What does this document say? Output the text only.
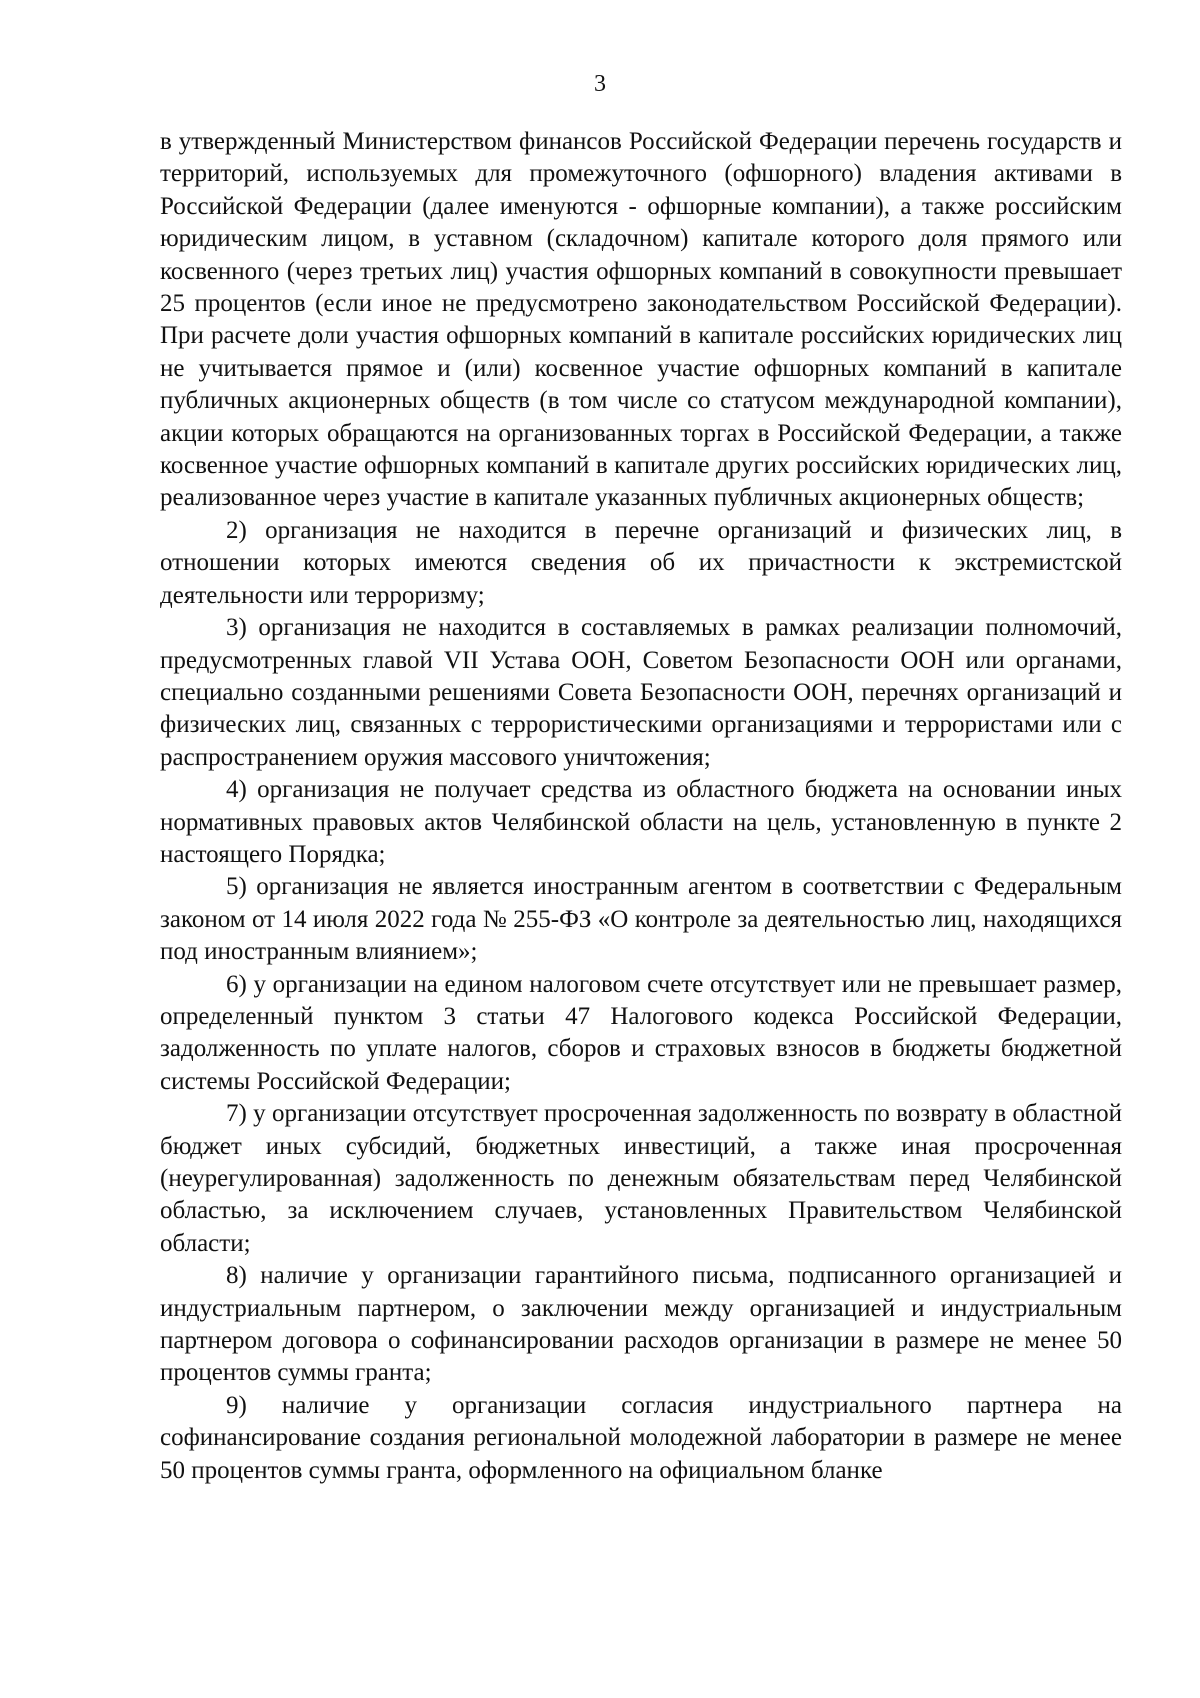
3

в утвержденный Министерством финансов Российской Федерации перечень государств и территорий, используемых для промежуточного (офшорного) владения активами в Российской Федерации (далее именуются - офшорные компании), а также российским юридическим лицом, в уставном (складочном) капитале которого доля прямого или косвенного (через третьих лиц) участия офшорных компаний в совокупности превышает 25 процентов (если иное не предусмотрено законодательством Российской Федерации). При расчете доли участия офшорных компаний в капитале российских юридических лиц не учитывается прямое и (или) косвенное участие офшорных компаний в капитале публичных акционерных обществ (в том числе со статусом международной компании), акции которых обращаются на организованных торгах в Российской Федерации, а также косвенное участие офшорных компаний в капитале других российских юридических лиц, реализованное через участие в капитале указанных публичных акционерных обществ;

2) организация не находится в перечне организаций и физических лиц, в отношении которых имеются сведения об их причастности к экстремистской деятельности или терроризму;

3) организация не находится в составляемых в рамках реализации полномочий, предусмотренных главой VII Устава ООН, Советом Безопасности ООН или органами, специально созданными решениями Совета Безопасности ООН, перечнях организаций и физических лиц, связанных с террористическими организациями и террористами или с распространением оружия массового уничтожения;

4) организация не получает средства из областного бюджета на основании иных нормативных правовых актов Челябинской области на цель, установленную в пункте 2 настоящего Порядка;

5) организация не является иностранным агентом в соответствии с Федеральным законом от 14 июля 2022 года № 255-ФЗ «О контроле за деятельностью лиц, находящихся под иностранным влиянием»;

6) у организации на едином налоговом счете отсутствует или не превышает размер, определенный пунктом 3 статьи 47 Налогового кодекса Российской Федерации, задолженность по уплате налогов, сборов и страховых взносов в бюджеты бюджетной системы Российской Федерации;

7) у организации отсутствует просроченная задолженность по возврату в областной бюджет иных субсидий, бюджетных инвестиций, а также иная просроченная (неурегулированная) задолженность по денежным обязательствам перед Челябинской областью, за исключением случаев, установленных Правительством Челябинской области;

8) наличие у организации гарантийного письма, подписанного организацией и индустриальным партнером, о заключении между организацией и индустриальным партнером договора о софинансировании расходов организации в размере не менее 50 процентов суммы гранта;

9) наличие у организации согласия индустриального партнера на софинансирование создания региональной молодежной лаборатории в размере не менее 50 процентов суммы гранта, оформленного на официальном бланке
